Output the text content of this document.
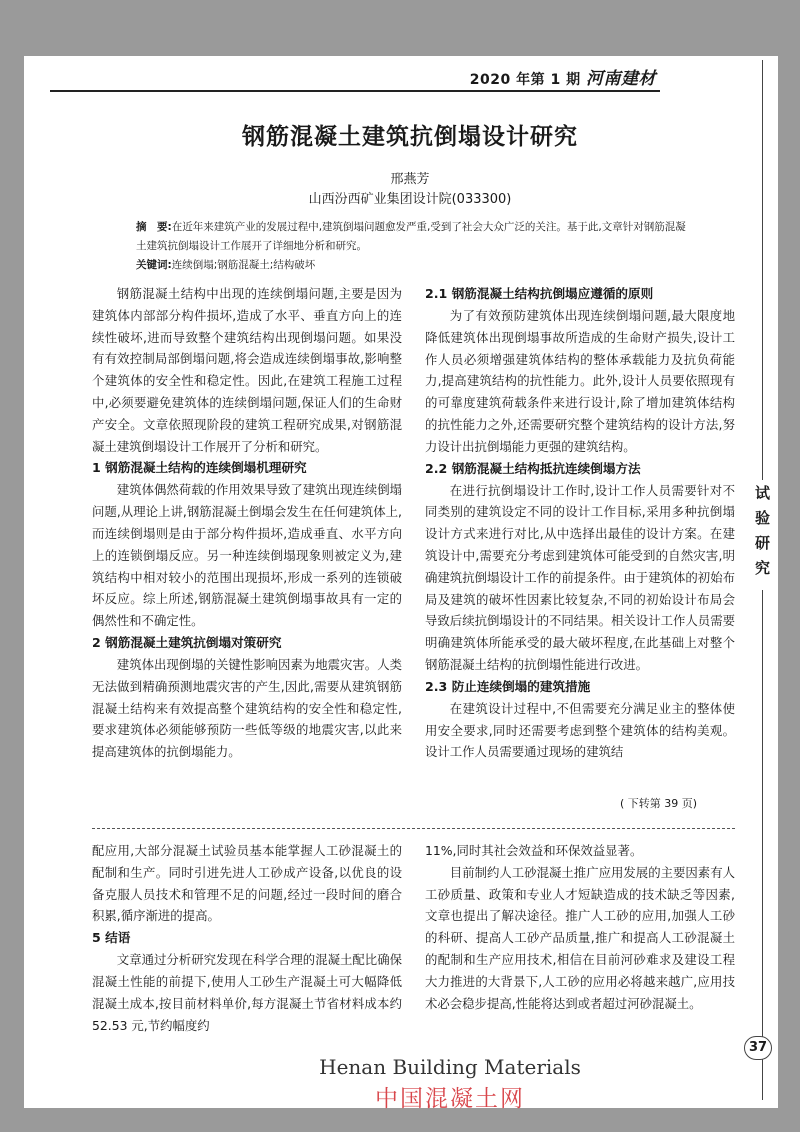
2020 年第 1 期 河南建材
试验研究
钢筋混凝土建筑抗倒塌设计研究
邢燕芳
山西汾西矿业集团设计院(033300)
摘　要:在近年来建筑产业的发展过程中,建筑倒塌问题愈发严重,受到了社会大众广泛的关注。基于此,文章针对钢筋混凝土建筑抗倒塌设计工作展开了详细地分析和研究。
关键词:连续倒塌;钢筋混凝土;结构破坏

钢筋混凝土结构中出现的连续倒塌问题,主要是因为建筑体内部部分构件损坏,造成了水平、垂直方向上的连续性破坏,进而导致整个建筑结构出现倒塌问题。如果没有有效控制局部倒塌问题,将会造成连续倒塌事故,影响整个建筑体的安全性和稳定性。因此,在建筑工程施工过程中,必须要避免建筑体的连续倒塌问题,保证人们的生命财产安全。文章依照现阶段的建筑工程研究成果,对钢筋混凝土建筑倒塌设计工作展开了分析和研究。

1 钢筋混凝土结构的连续倒塌机理研究

建筑体偶然荷载的作用效果导致了建筑出现连续倒塌问题,从理论上讲,钢筋混凝土倒塌会发生在任何建筑体上,而连续倒塌则是由于部分构件损坏,造成垂直、水平方向上的连锁倒塌反应。另一种连续倒塌现象则被定义为,建筑结构中相对较小的范围出现损坏,形成一系列的连锁破坏反应。综上所述,钢筋混凝土建筑倒塌事故具有一定的偶然性和不确定性。

2 钢筋混凝土建筑抗倒塌对策研究

建筑体出现倒塌的关键性影响因素为地震灾害。人类无法做到精确预测地震灾害的产生,因此,需要从建筑钢筋混凝土结构来有效提高整个建筑结构的安全性和稳定性,要求建筑体必须能够预防一些低等级的地震灾害,以此来提高建筑体的抗倒塌能力。

2.1 钢筋混凝土结构抗倒塌应遵循的原则

为了有效预防建筑体出现连续倒塌问题,最大限度地降低建筑体出现倒塌事故所造成的生命财产损失,设计工作人员必须增强建筑体结构的整体承载能力及抗负荷能力,提高建筑结构的抗性能力。此外,设计人员要依照现有的可靠度建筑荷载条件来进行设计,除了增加建筑体结构的抗性能力之外,还需要研究整个建筑结构的设计方法,努力设计出抗倒塌能力更强的建筑结构。

2.2 钢筋混凝土结构抵抗连续倒塌方法

在进行抗倒塌设计工作时,设计工作人员需要针对不同类别的建筑设定不同的设计工作目标,采用多种抗倒塌设计方式来进行对比,从中选择出最佳的设计方案。在建筑设计中,需要充分考虑到建筑体可能受到的自然灾害,明确建筑抗倒塌设计工作的前提条件。由于建筑体的初始布局及建筑的破坏性因素比较复杂,不同的初始设计布局会导致后续抗倒塌设计的不同结果。相关设计工作人员需要明确建筑体所能承受的最大破坏程度,在此基础上对整个钢筋混凝土结构的抗倒塌性能进行改进。

2.3 防止连续倒塌的建筑措施

在建筑设计过程中,不但需要充分满足业主的整体使用安全要求,同时还需要考虑到整个建筑体的结构美观。设计工作人员需要通过现场的建筑结

( 下转第 39 页)

配应用,大部分混凝土试验员基本能掌握人工砂混凝土的配制和生产。同时引进先进人工砂成产设备,以优良的设备克服人员技术和管理不足的问题,经过一段时间的磨合积累,循序渐进的提高。

5 结语

文章通过分析研究发现在科学合理的混凝土配比确保混凝土性能的前提下,使用人工砂生产混凝土可大幅降低混凝土成本,按目前材料单价,每方混凝土节省材料成本约 52.53 元,节约幅度约

11%,同时其社会效益和环保效益显著。

目前制约人工砂混凝土推广应用发展的主要因素有人工砂质量、政策和专业人才短缺造成的技术缺乏等因素,文章也提出了解决途径。推广人工砂的应用,加强人工砂的科研、提高人工砂产品质量,推广和提高人工砂混凝土的配制和生产应用技术,相信在目前河砂难求及建设工程大力推进的大背景下,人工砂的应用必将越来越广,应用技术必会稳步提高,性能将达到或者超过河砂混凝土。

37
Henan Building Materials
中国混凝土网
